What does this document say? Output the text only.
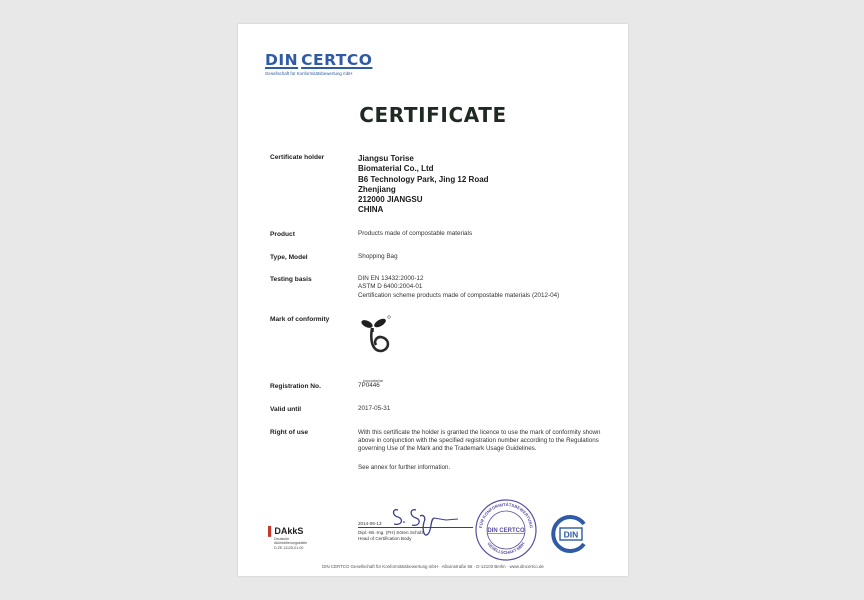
DIN CERTCO
Gesellschaft für Konformitätsbewertung mbH
CERTIFICATE
Certificate holder	Jiangsu Torise
Biomaterial Co., Ltd
B6 Technology Park, Jing 12 Road
Zhenjiang
212000 JIANGSU
CHINA
Product	Products made of compostable materials
Type, Model	Shopping Bag
Testing basis	DIN EN 13432:2000-12
ASTM D 6400:2004-01
Certification scheme products made of compostable materials (2012-04)
Mark of conformity
kompostierbar
Registration No.	7P0446
Valid until	2017-05-31
Right of use	With this certificate the holder is granted the licence to use the mark of conformity shown above in conjunction with the specified registration number according to the Regulations governing Use of the Mark and the Trademark Usage Guidelines.

See annex for further information.
2014-06-13
Dipl.-Wi.-Ing. (FH) Sören Scholz
Head of Certification Body
▌DAkkS
Deutsche
Akkreditierungsstelle
D-ZE-11125-01-00
FÜR KONFORMITÄTSBEWERTUNG
GESELLSCHAFT MBH
DIN CERTCO	DIN
DIN CERTCO Gesellschaft für Konformitätsbewertung mbH · Alboinstraße 56 · D-12103 Berlin · www.dincertco.de
